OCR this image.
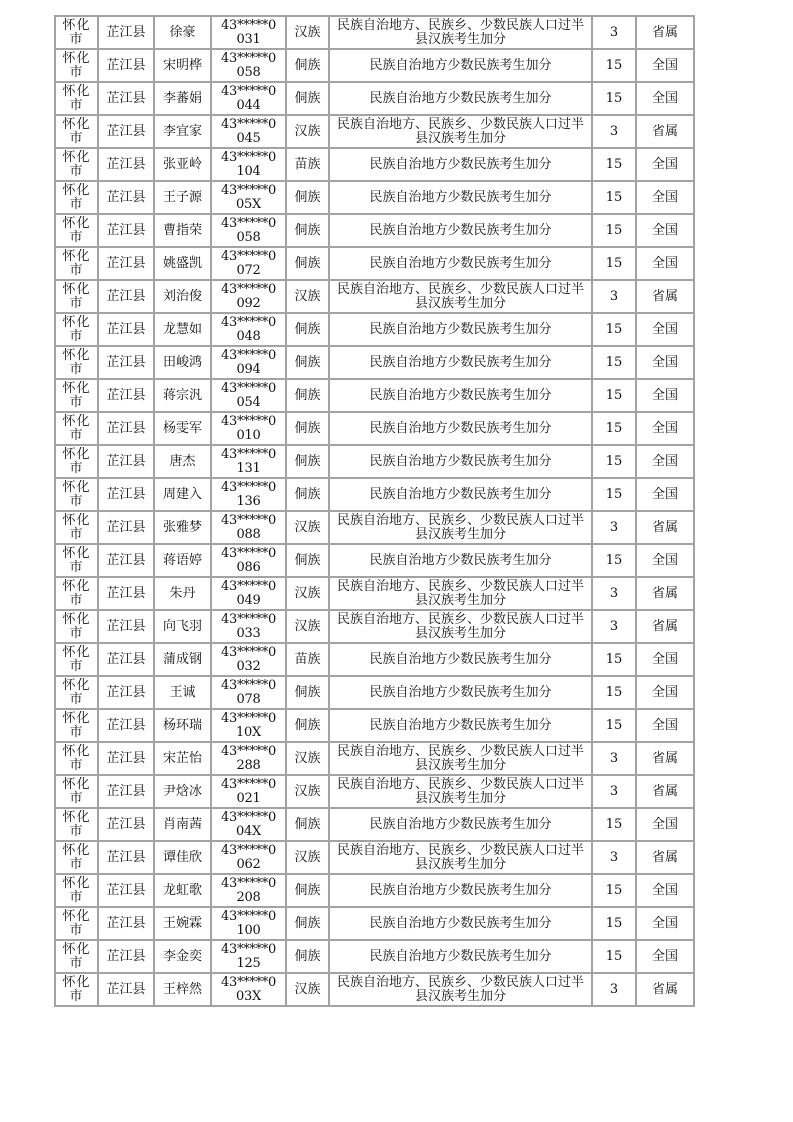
怀化市	芷江县	徐豪	43*****0031	汉族	民族自治地方、民族乡、少数民族人口过半县汉族考生加分	3	省属
怀化市	芷江县	宋明桦	43*****0058	侗族	民族自治地方少数民族考生加分	15	全国
怀化市	芷江县	李蕃娟	43*****0044	侗族	民族自治地方少数民族考生加分	15	全国
怀化市	芷江县	李宜家	43*****0045	汉族	民族自治地方、民族乡、少数民族人口过半县汉族考生加分	3	省属
怀化市	芷江县	张亚岭	43*****0104	苗族	民族自治地方少数民族考生加分	15	全国
怀化市	芷江县	王子源	43*****005X	侗族	民族自治地方少数民族考生加分	15	全国
怀化市	芷江县	曹指荣	43*****0058	侗族	民族自治地方少数民族考生加分	15	全国
怀化市	芷江县	姚盛凯	43*****0072	侗族	民族自治地方少数民族考生加分	15	全国
怀化市	芷江县	刘治俊	43*****0092	汉族	民族自治地方、民族乡、少数民族人口过半县汉族考生加分	3	省属
怀化市	芷江县	龙慧如	43*****0048	侗族	民族自治地方少数民族考生加分	15	全国
怀化市	芷江县	田峻鸿	43*****0094	侗族	民族自治地方少数民族考生加分	15	全国
怀化市	芷江县	蒋宗汎	43*****0054	侗族	民族自治地方少数民族考生加分	15	全国
怀化市	芷江县	杨雯军	43*****0010	侗族	民族自治地方少数民族考生加分	15	全国
怀化市	芷江县	唐杰	43*****0131	侗族	民族自治地方少数民族考生加分	15	全国
怀化市	芷江县	周建入	43*****0136	侗族	民族自治地方少数民族考生加分	15	全国
怀化市	芷江县	张雅梦	43*****0088	汉族	民族自治地方、民族乡、少数民族人口过半县汉族考生加分	3	省属
怀化市	芷江县	蒋语婷	43*****0086	侗族	民族自治地方少数民族考生加分	15	全国
怀化市	芷江县	朱丹	43*****0049	汉族	民族自治地方、民族乡、少数民族人口过半县汉族考生加分	3	省属
怀化市	芷江县	向飞羽	43*****0033	汉族	民族自治地方、民族乡、少数民族人口过半县汉族考生加分	3	省属
怀化市	芷江县	蒲成钢	43*****0032	苗族	民族自治地方少数民族考生加分	15	全国
怀化市	芷江县	王诚	43*****0078	侗族	民族自治地方少数民族考生加分	15	全国
怀化市	芷江县	杨环瑞	43*****010X	侗族	民族自治地方少数民族考生加分	15	全国
怀化市	芷江县	宋芷怡	43*****0288	汉族	民族自治地方、民族乡、少数民族人口过半县汉族考生加分	3	省属
怀化市	芷江县	尹焓冰	43*****0021	汉族	民族自治地方、民族乡、少数民族人口过半县汉族考生加分	3	省属
怀化市	芷江县	肖南茜	43*****004X	侗族	民族自治地方少数民族考生加分	15	全国
怀化市	芷江县	谭佳欣	43*****0062	汉族	民族自治地方、民族乡、少数民族人口过半县汉族考生加分	3	省属
怀化市	芷江县	龙虹歌	43*****0208	侗族	民族自治地方少数民族考生加分	15	全国
怀化市	芷江县	王婉霖	43*****0100	侗族	民族自治地方少数民族考生加分	15	全国
怀化市	芷江县	李金奕	43*****0125	侗族	民族自治地方少数民族考生加分	15	全国
怀化市	芷江县	王梓然	43*****003X	汉族	民族自治地方、民族乡、少数民族人口过半县汉族考生加分	3	省属
